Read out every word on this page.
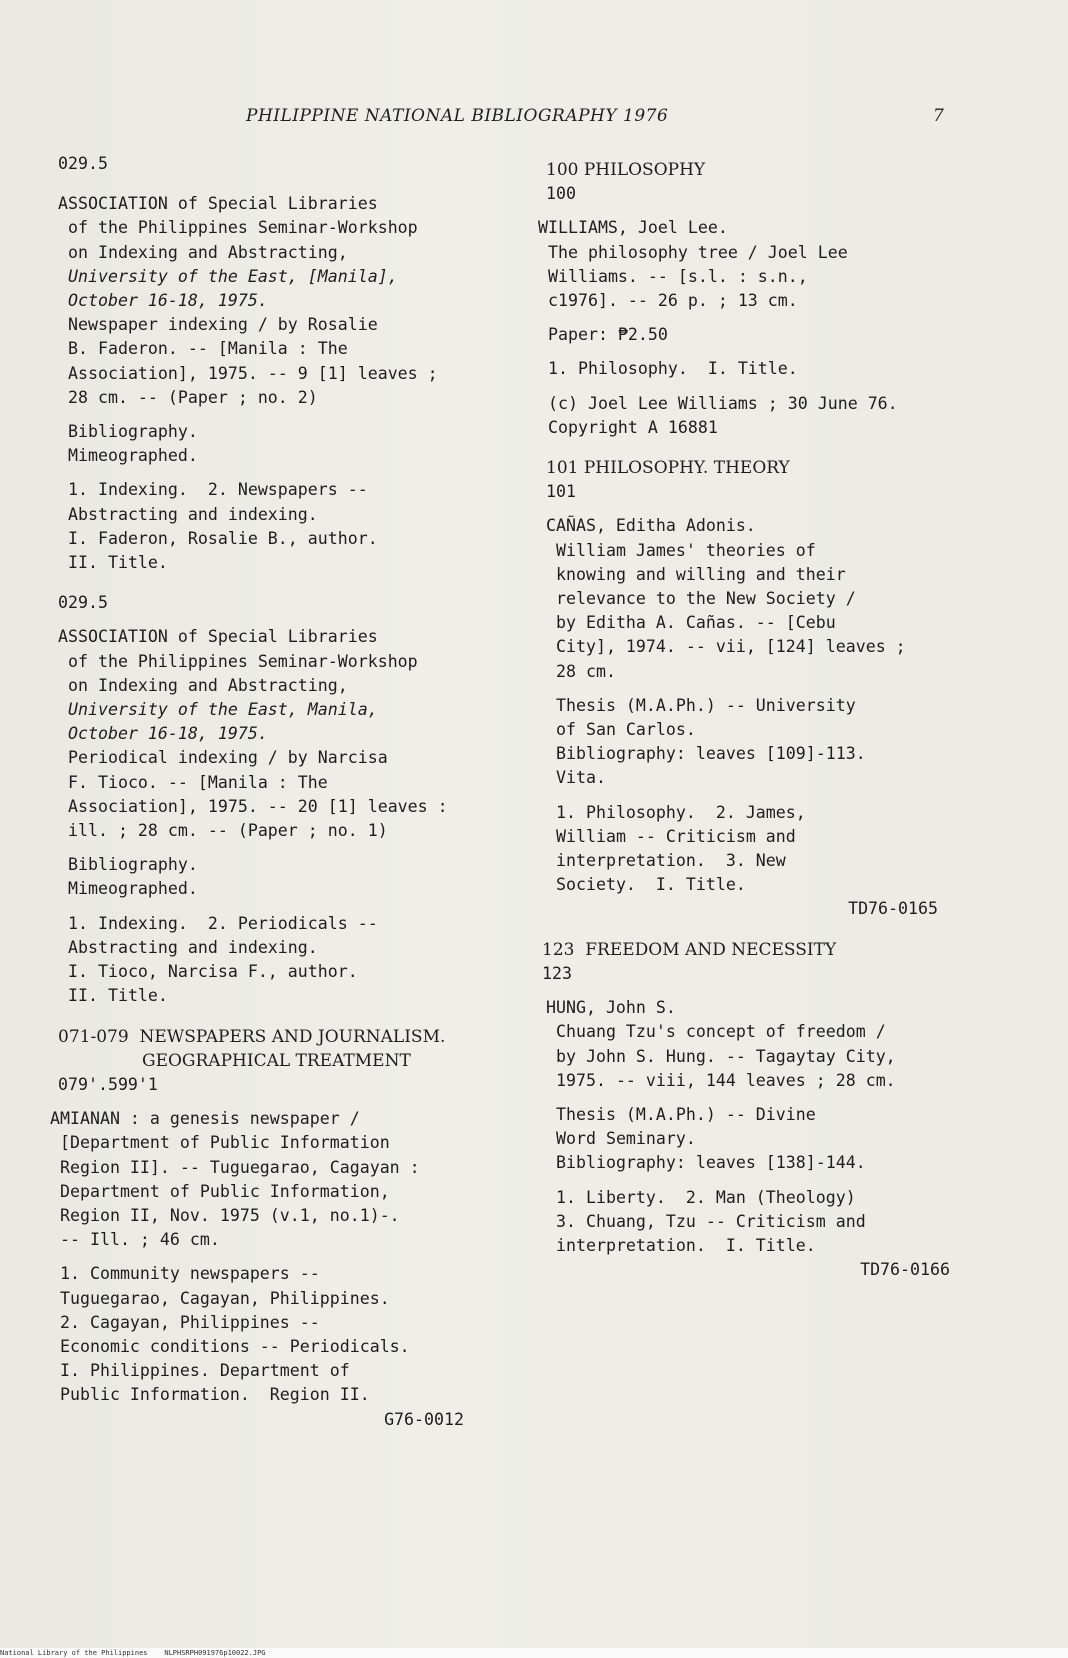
PHILIPPINE NATIONAL BIBLIOGRAPHY 1976	7
029.5
ASSOCIATION of Special Libraries
of the Philippines Seminar-Workshop
on Indexing and Abstracting,
University of the East, [Manila],
October 16-18, 1975.
Newspaper indexing / by Rosalie
B. Faderon. -- [Manila : The
Association], 1975. -- 9 [1] leaves ;
28 cm. -- (Paper ; no. 2)
Bibliography.
Mimeographed.
1. Indexing.  2. Newspapers --
Abstracting and indexing.
I. Faderon, Rosalie B., author.
II. Title.
029.5
ASSOCIATION of Special Libraries
of the Philippines Seminar-Workshop
on Indexing and Abstracting,
University of the East, Manila,
October 16-18, 1975.
Periodical indexing / by Narcisa
F. Tioco. -- [Manila : The
Association], 1975. -- 20 [1] leaves :
ill. ; 28 cm. -- (Paper ; no. 1)
Bibliography.
Mimeographed.
1. Indexing.  2. Periodicals --
Abstracting and indexing.
I. Tioco, Narcisa F., author.
II. Title.
071-079 NEWSPAPERS AND JOURNALISM.
GEOGRAPHICAL TREATMENT
079'.599'1
AMIANAN : a genesis newspaper /
[Department of Public Information
Region II]. -- Tuguegarao, Cagayan :
Department of Public Information,
Region II, Nov. 1975 (v.1, no.1)-.
-- Ill. ; 46 cm.
1. Community newspapers --
Tuguegarao, Cagayan, Philippines.
2. Cagayan, Philippines --
Economic conditions -- Periodicals.
I. Philippines. Department of
Public Information.  Region II.
G76-0012
100 PHILOSOPHY
100
WILLIAMS, Joel Lee.
The philosophy tree / Joel Lee
Williams. -- [s.l. : s.n.,
c1976]. -- 26 p. ; 13 cm.
Paper: ₱2.50
1. Philosophy.  I. Title.
(c) Joel Lee Williams ; 30 June 76.
Copyright A 16881
101 PHILOSOPHY. THEORY
101
CAÑAS, Editha Adonis.
William James' theories of
knowing and willing and their
relevance to the New Society /
by Editha A. Cañas. -- [Cebu
City], 1974. -- vii, [124] leaves ;
28 cm.
Thesis (M.A.Ph.) -- University
of San Carlos.
Bibliography: leaves [109]-113.
Vita.
1. Philosophy.  2. James,
William -- Criticism and
interpretation.  3. New
Society.  I. Title.
TD76-0165
123  FREEDOM AND NECESSITY
123
HUNG, John S.
Chuang Tzu's concept of freedom /
by John S. Hung. -- Tagaytay City,
1975. -- viii, 144 leaves ; 28 cm.
Thesis (M.A.Ph.) -- Divine
Word Seminary.
Bibliography: leaves [138]-144.
1. Liberty.  2. Man (Theology)
3. Chuang, Tzu -- Criticism and
interpretation.  I. Title.
TD76-0166
National Library of the Philippines    NLPHSRPH091976p10022.JPG
